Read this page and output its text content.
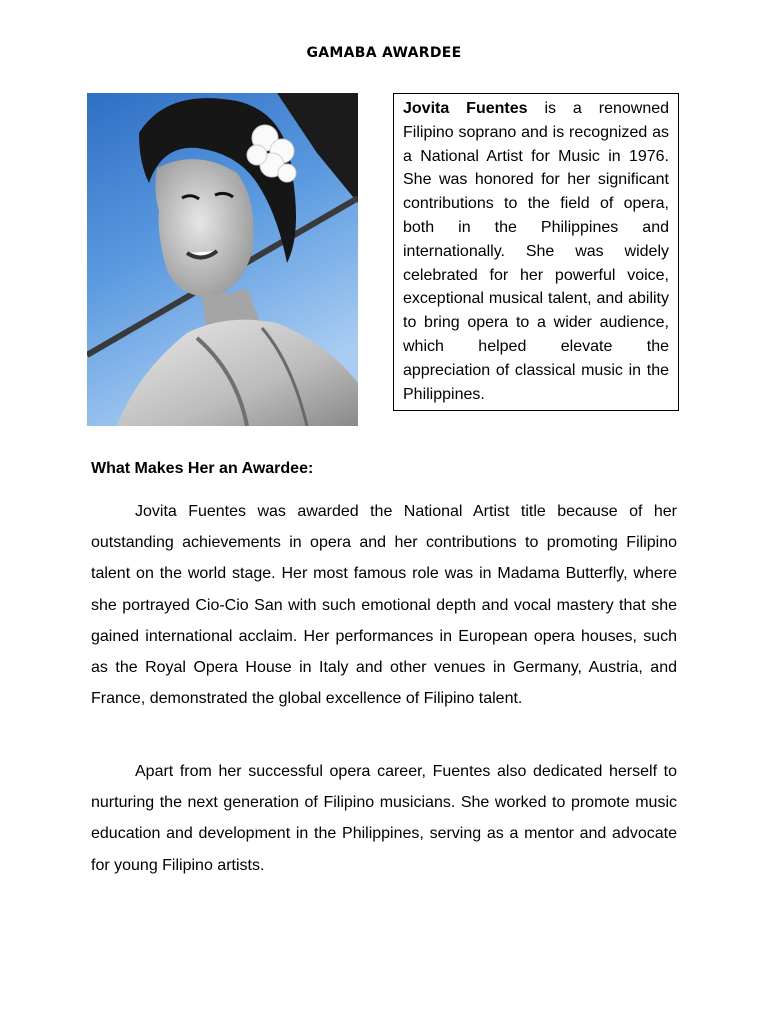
GAMABA AWARDEE
Jovita Fuentes is a renowned Filipino soprano and is recognized as a National Artist for Music in 1976. She was honored for her significant contributions to the field of opera, both in the Philippines and internationally. She was widely celebrated for her powerful voice, exceptional musical talent, and ability to bring opera to a wider audience, which helped elevate the appreciation of classical music in the Philippines.
What Makes Her an Awardee:

Jovita Fuentes was awarded the National Artist title because of her outstanding achievements in opera and her contributions to promoting Filipino talent on the world stage. Her most famous role was in Madama Butterfly, where she portrayed Cio-Cio San with such emotional depth and vocal mastery that she gained international acclaim. Her performances in European opera houses, such as the Royal Opera House in Italy and other venues in Germany, Austria, and France, demonstrated the global excellence of Filipino talent.

Apart from her successful opera career, Fuentes also dedicated herself to nurturing the next generation of Filipino musicians. She worked to promote music education and development in the Philippines, serving as a mentor and advocate for young Filipino artists.
